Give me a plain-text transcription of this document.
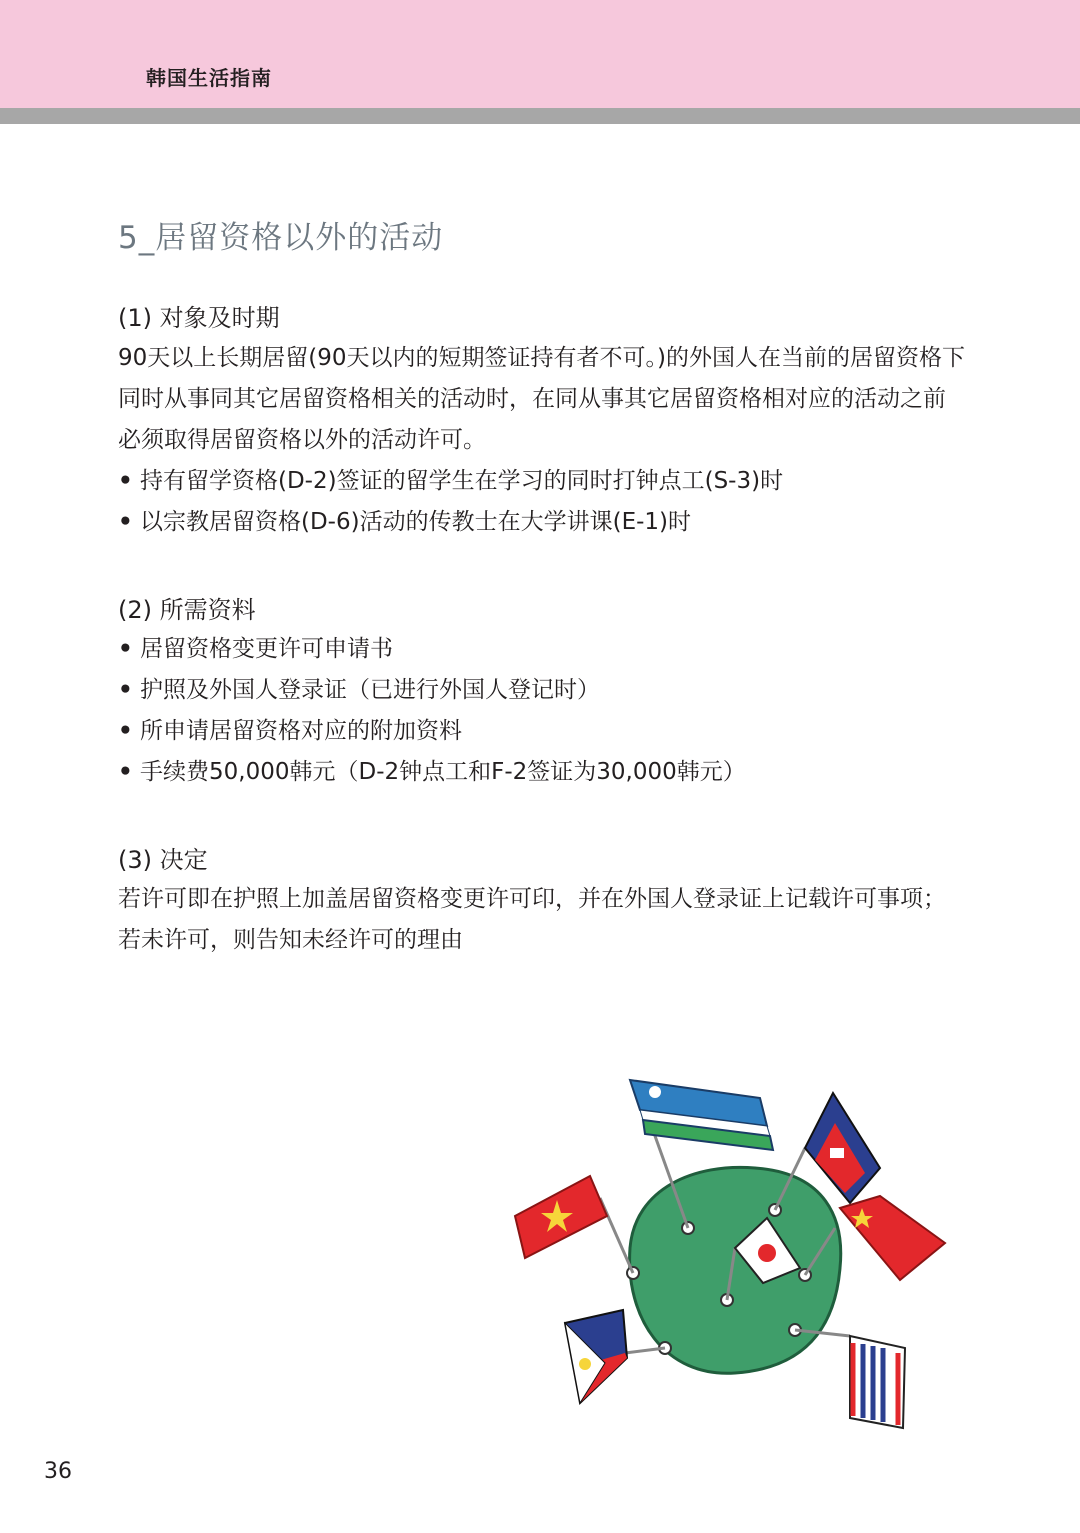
韩国生活指南
5_居留资格以外的活动
(1) 对象及时期

90天以上长期居留(90天以内的短期签证持有者不可。)的外国人在当前的居留资格下同时从事同其它居留资格相关的活动时，在同从事其它居留资格相对应的活动之前必须取得居留资格以外的活动许可。

• 持有留学资格(D-2)签证的留学生在学习的同时打钟点工(S-3)时
• 以宗教居留资格(D-6)活动的传教士在大学讲课(E-1)时
(2) 所需资料
• 居留资格变更许可申请书
• 护照及外国人登录证（已进行外国人登记时）
• 所申请居留资格对应的附加资料
• 手续费50,000韩元（D-2钟点工和F-2签证为30,000韩元）
(3) 决定

若许可即在护照上加盖居留资格变更许可印，并在外国人登录证上记载许可事项；若未许可，则告知未经许可的理由

36
